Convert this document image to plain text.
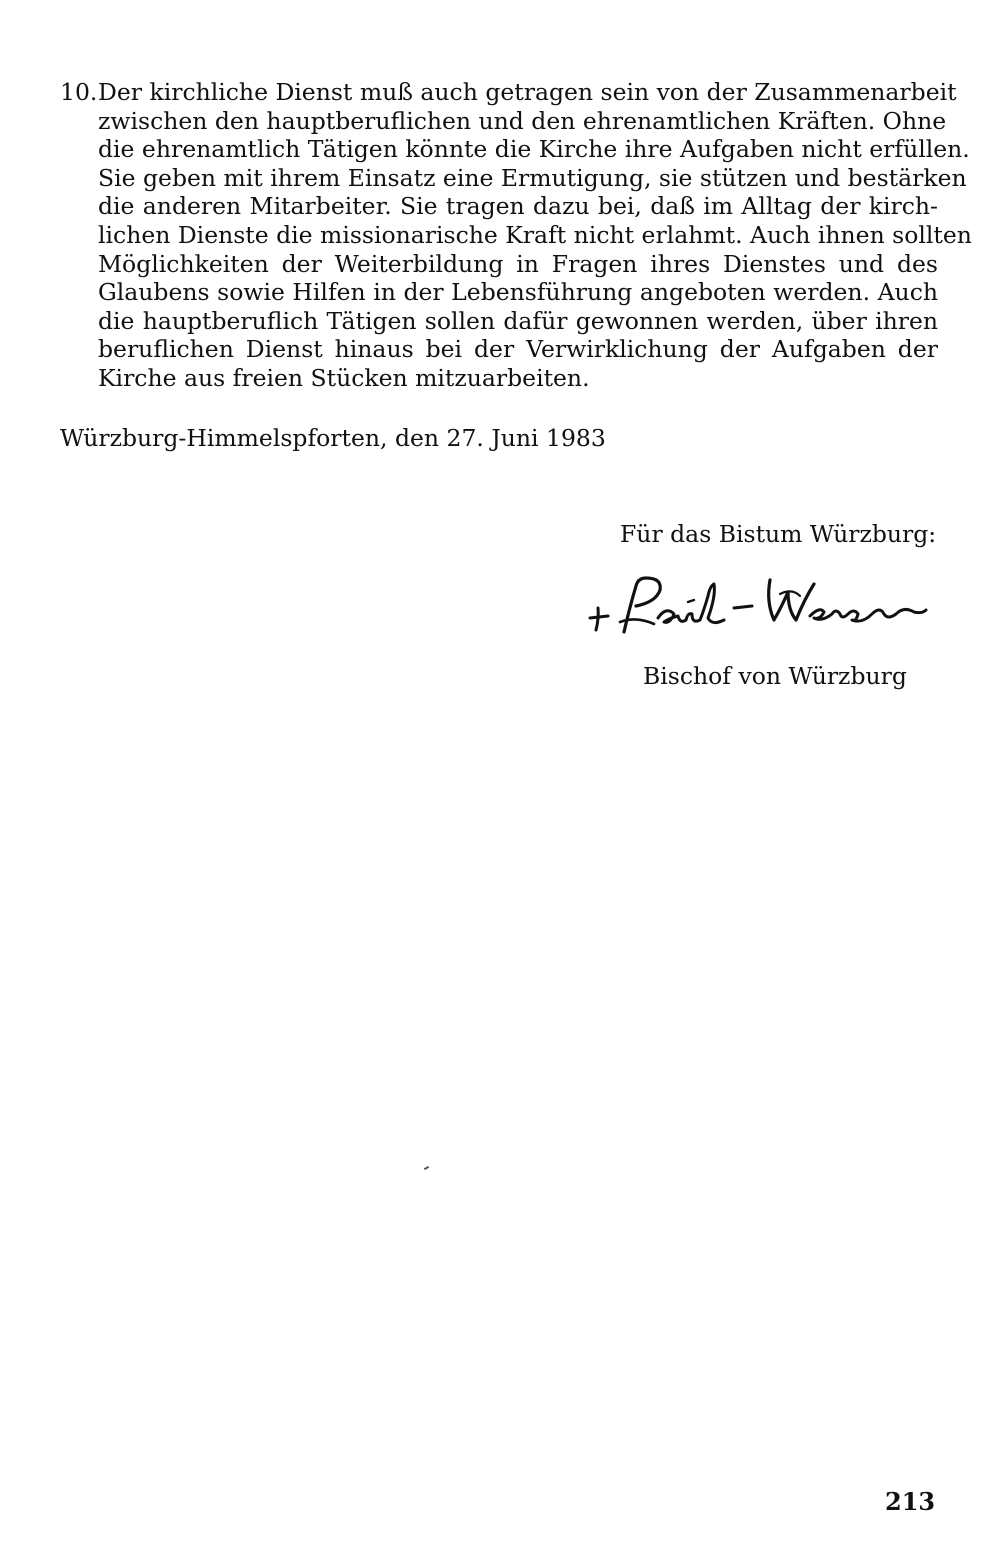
10. Der kirchliche Dienst muß auch getragen sein von der Zusammenarbeit
zwischen den hauptberuflichen und den ehrenamtlichen Kräften. Ohne
die ehrenamtlich Tätigen könnte die Kirche ihre Aufgaben nicht erfüllen.
Sie geben mit ihrem Einsatz eine Ermutigung, sie stützen und bestärken
die anderen Mitarbeiter. Sie tragen dazu bei, daß im Alltag der kirch-
lichen Dienste die missionarische Kraft nicht erlahmt. Auch ihnen sollten
Möglichkeiten der Weiterbildung in Fragen ihres Dienstes und des
Glaubens sowie Hilfen in der Lebensführung angeboten werden. Auch
die hauptberuflich Tätigen sollen dafür gewonnen werden, über ihren
beruflichen Dienst hinaus bei der Verwirklichung der Aufgaben der
Kirche aus freien Stücken mitzuarbeiten.
Würzburg-Himmelspforten, den 27. Juni 1983
Für das Bistum Würzburg:
Bischof von Würzburg
213
